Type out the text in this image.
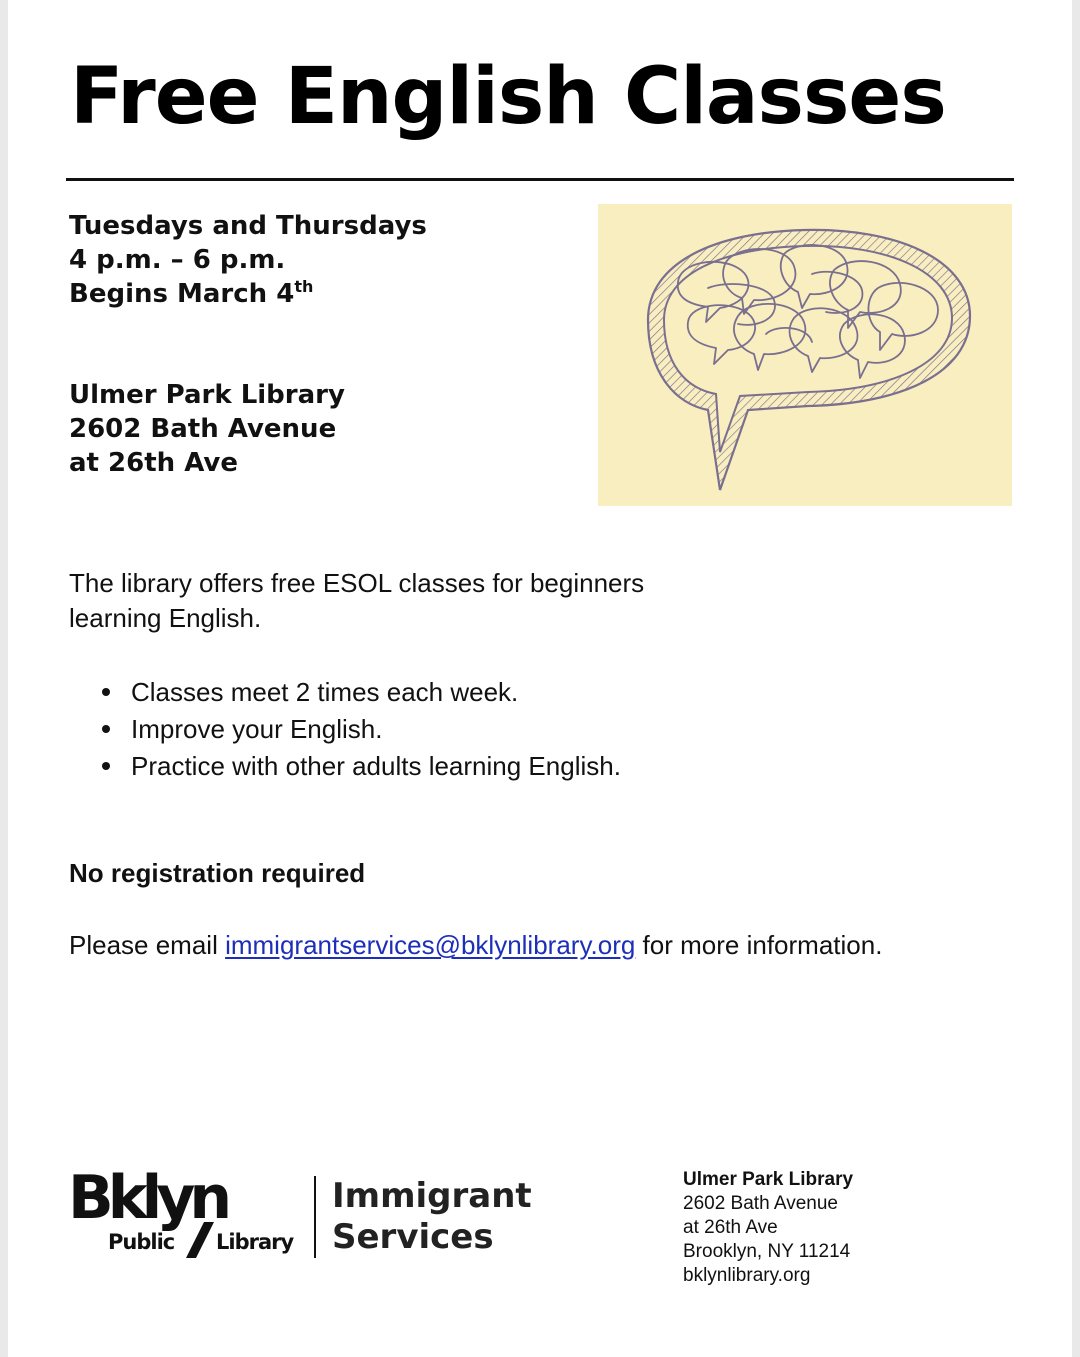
Free English Classes
Tuesdays and Thursdays
4 p.m. – 6 p.m.
Begins March 4th
Ulmer Park Library
2602 Bath Avenue
at 26th Ave

The library offers free ESOL classes for beginners
learning English.

Classes meet 2 times each week.
Improve your English.
Practice with other adults learning English.
No registration required
Please email immigrantservices@bklynlibrary.org for more information.
Bklyn
Public Library
Immigrant
Services
Ulmer Park Library
2602 Bath Avenue
at 26th Ave
Brooklyn, NY 11214
bklynlibrary.org
